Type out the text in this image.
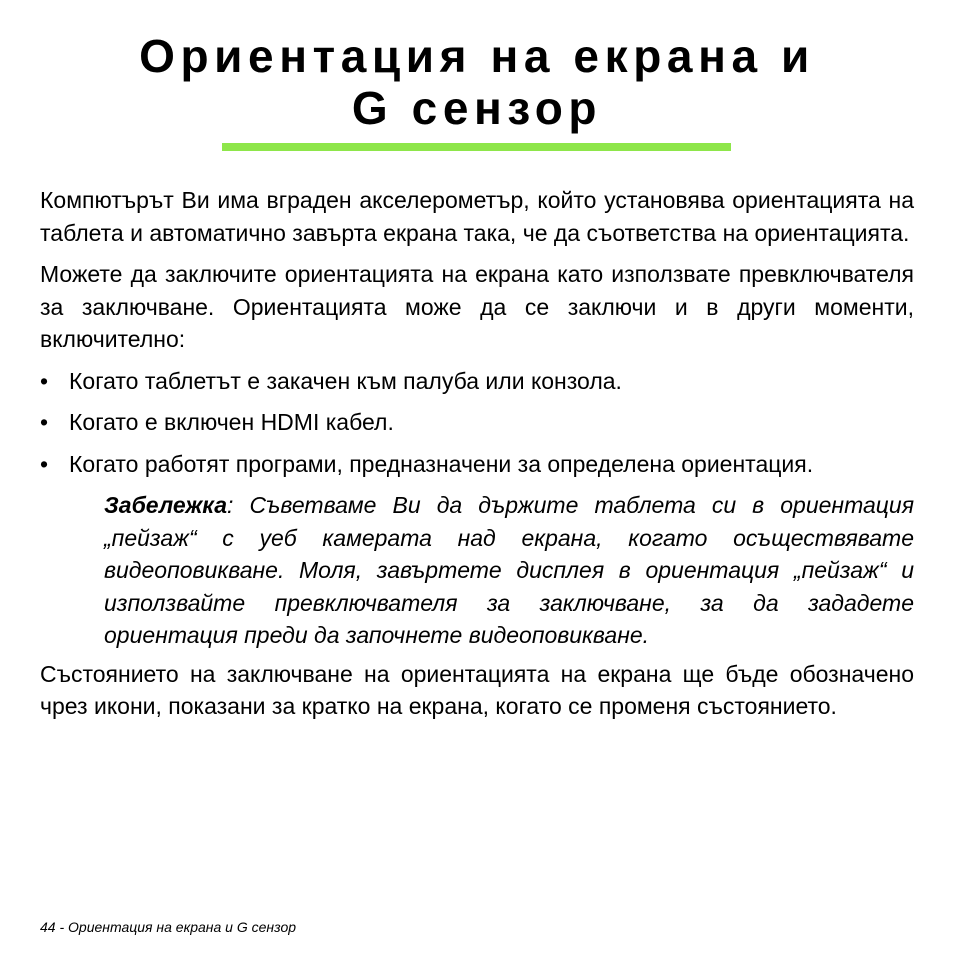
Ориентация на екрана и
G сензор

Компютърът Ви има вграден акселерометър, който установява ориентацията на таблета и автоматично завърта екрана така, че да съответства на ориентацията.

Можете да заключите ориентацията на екрана като използвате превключвателя за заключване. Ориентацията може да се заключи и в други моменти, включително:

• Когато таблетът е закачен към палуба или конзола.
• Когато е включен HDMI кабел.
• Когато работят програми, предназначени за определена ориентация.

Забележка: Съветваме Ви да държите таблета си в ориентация „пейзаж“ с уеб камерата над екрана, когато осъществявате видеоповикване. Моля, завъртете дисплея в ориентация „пейзаж“ и използвайте превключвателя за заключване, за да зададете ориентация преди да започнете видеоповикване.

Състоянието на заключване на ориентацията на екрана ще бъде обозначено чрез икони, показани за кратко на екрана, когато се променя състоянието.

44 - Ориентация на екрана и G сензор
